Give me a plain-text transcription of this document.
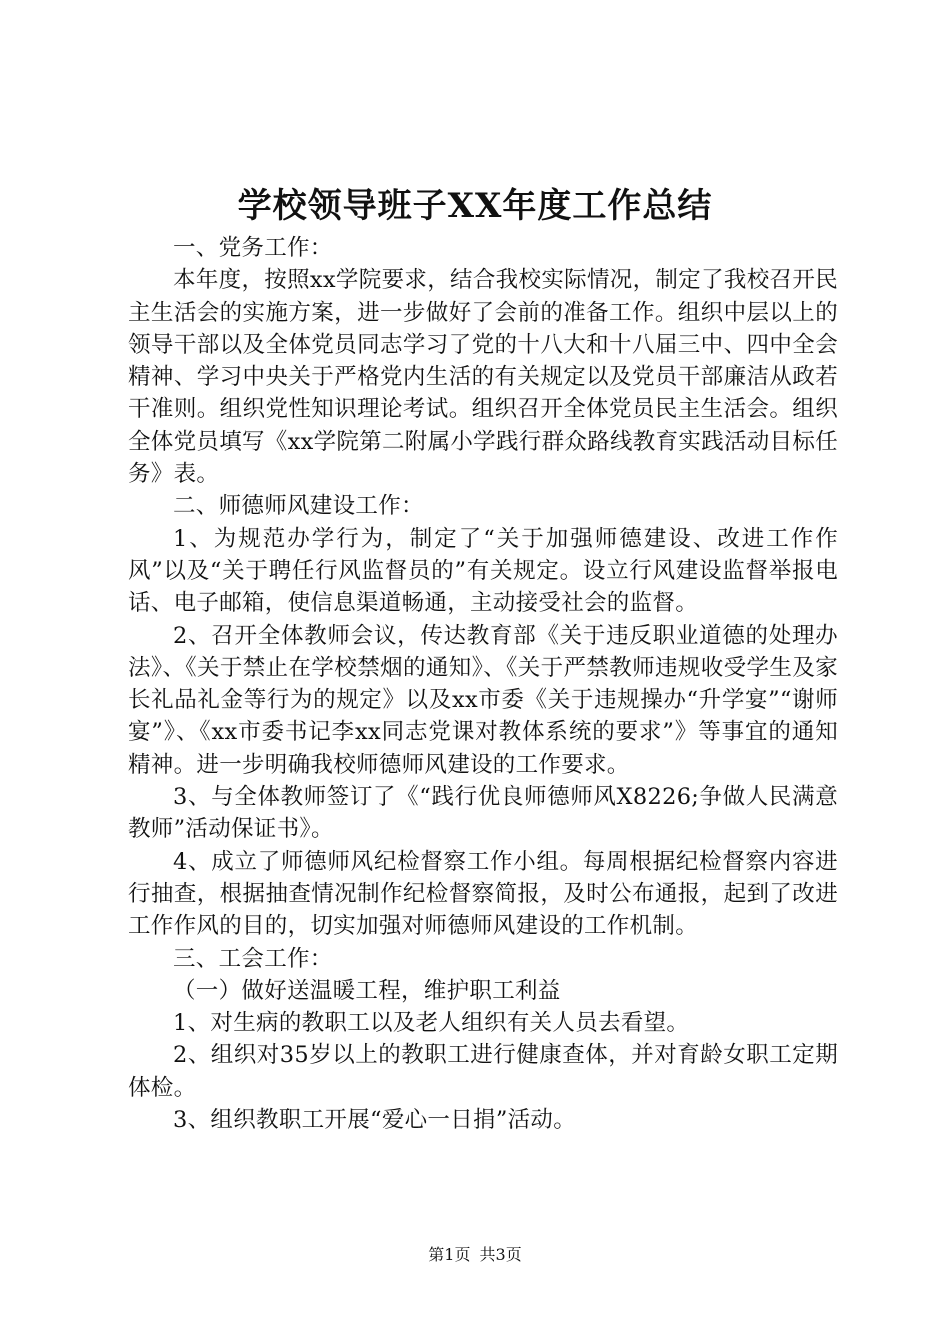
学校领导班子XX年度工作总结

一、党务工作：

本年度，按照xx学院要求，结合我校实际情况，制定了我校召开民主生活会的实施方案，进一步做好了会前的准备工作。组织中层以上的领导干部以及全体党员同志学习了党的十八大和十八届三中、四中全会精神、学习中央关于严格党内生活的有关规定以及党员干部廉洁从政若干准则。组织党性知识理论考试。组织召开全体党员民主生活会。组织全体党员填写《xx学院第二附属小学践行群众路线教育实践活动目标任务》表。

二、师德师风建设工作：

1、为规范办学行为，制定了“关于加强师德建设、改进工作作风”以及“关于聘任行风监督员的”有关规定。设立行风建设监督举报电话、电子邮箱，使信息渠道畅通，主动接受社会的监督。

2、召开全体教师会议，传达教育部《关于违反职业道德的处理办法》、《关于禁止在学校禁烟的通知》、《关于严禁教师违规收受学生及家长礼品礼金等行为的规定》以及xx市委《关于违规操办“升学宴”“谢师宴”》、《xx市委书记李xx同志党课对教体系统的要求”》等事宜的通知精神。进一步明确我校师德师风建设的工作要求。

3、与全体教师签订了《“践行优良师德师风X8226;争做人民满意教师”活动保证书》。

4、成立了师德师风纪检督察工作小组。每周根据纪检督察内容进行抽查，根据抽查情况制作纪检督察简报，及时公布通报，起到了改进工作作风的目的，切实加强对师德师风建设的工作机制。

三、工会工作：

（一）做好送温暖工程，维护职工利益

1、对生病的教职工以及老人组织有关人员去看望。

2、组织对35岁以上的教职工进行健康查体，并对育龄女职工定期体检。

3、组织教职工开展“爱心一日捐”活动。

第1页 共3页
